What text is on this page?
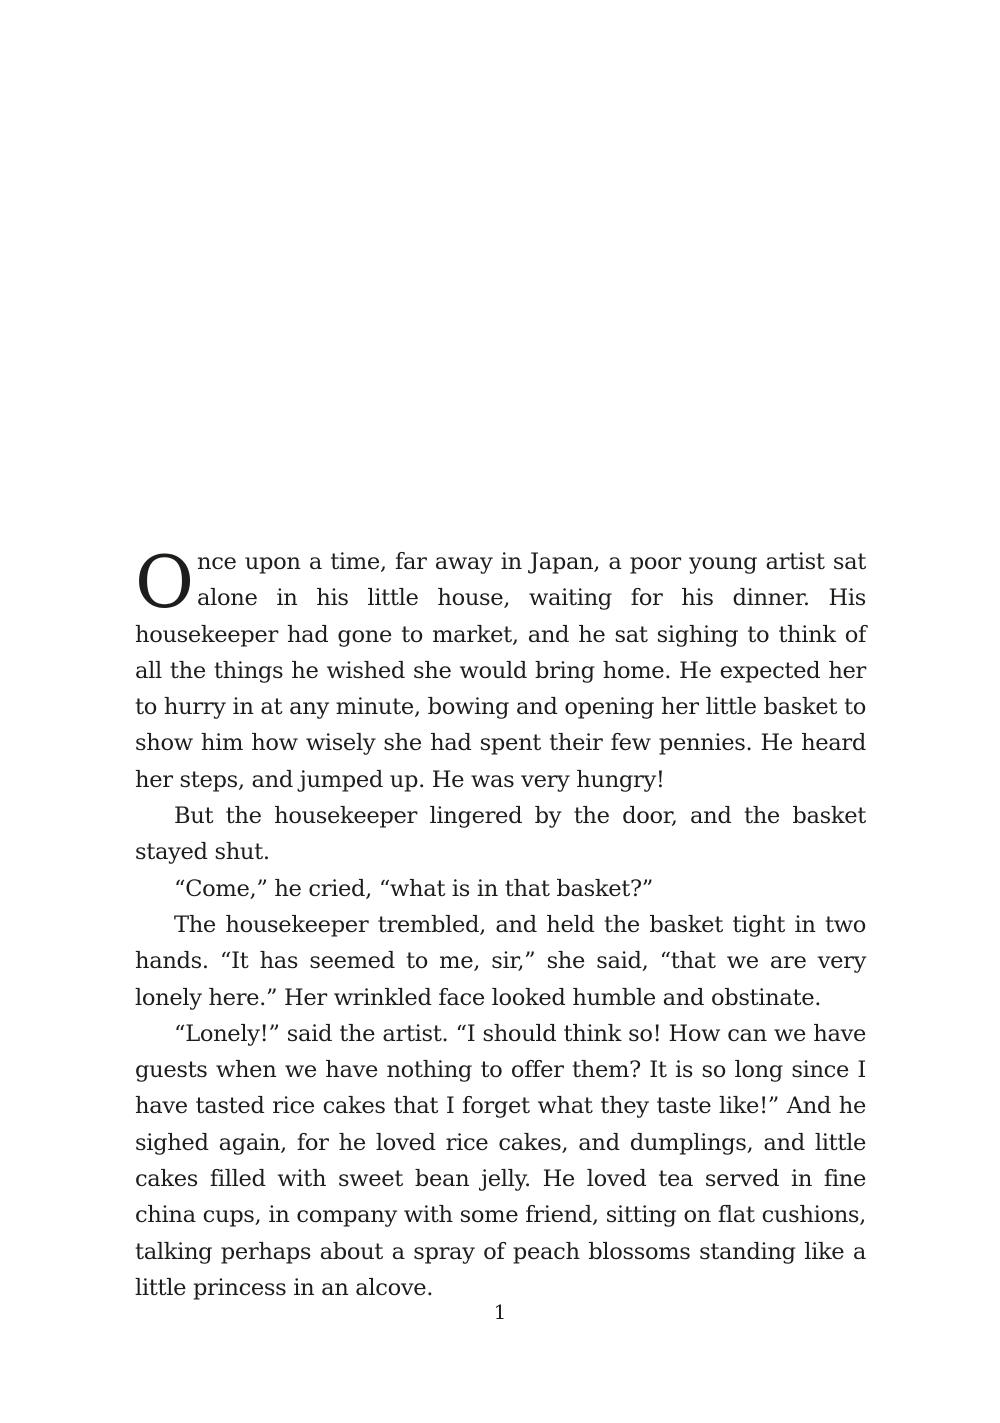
Once upon a time, far away in Japan, a poor young artist sat alone in his little house, waiting for his dinner. His housekeeper had gone to market, and he sat sighing to think of all the things he wished she would bring home. He expected her to hurry in at any minute, bowing and opening her little basket to show him how wisely she had spent their few pennies. He heard her steps, and jumped up. He was very hungry!

But the housekeeper lingered by the door, and the basket stayed shut.

“Come,” he cried, “what is in that basket?”

The housekeeper trembled, and held the basket tight in two hands. “It has seemed to me, sir,” she said, “that we are very lonely here.” Her wrinkled face looked humble and obstinate.

“Lonely!” said the artist. “I should think so! How can we have guests when we have nothing to offer them? It is so long since I have tasted rice cakes that I forget what they taste like!” And he sighed again, for he loved rice cakes, and dumplings, and little cakes filled with sweet bean jelly. He loved tea served in fine china cups, in company with some friend, sitting on flat cushions, talking perhaps about a spray of peach blossoms standing like a little princess in an alcove.

1
